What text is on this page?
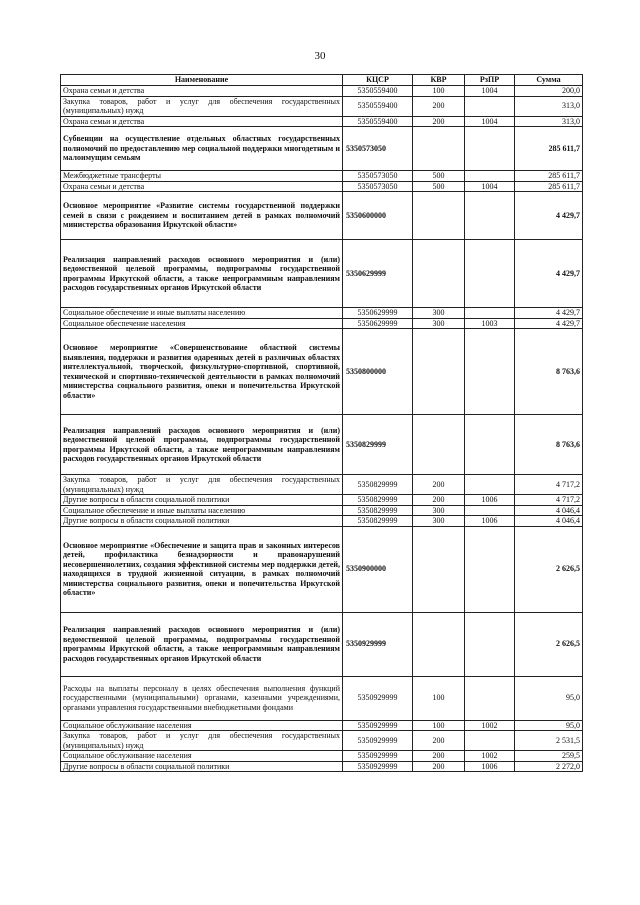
30
Наименование	КЦСР	КВР	РзПР	Сумма
Охрана семьи и детства	5350559400	100	1004	200,0
Закупка товаров, работ и услуг для обеспечения государственных (муниципальных) нужд	5350559400	200		313,0
Охрана семьи и детства	5350559400	200	1004	313,0
Субвенции на осуществление отдельных областных государственных полномочий по предоставлению мер социальной поддержки многодетным и малоимущим семьям	5350573050			285 611,7
Межбюджетные трансферты	5350573050	500		285 611,7
Охрана семьи и детства	5350573050	500	1004	285 611,7
Основное мероприятие «Развитие системы государственной поддержки семей в связи с рождением и воспитанием детей в рамках полномочий министерства образования Иркутской области»	5350600000			4 429,7
Реализация направлений расходов основного мероприятия и (или) ведомственной целевой программы, подпрограммы государственной программы Иркутской области, а также непрограммным направлениям расходов государственных органов Иркутской области	5350629999			4 429,7
Социальное обеспечение и иные выплаты населению	5350629999	300		4 429,7
Социальное обеспечение населения	5350629999	300	1003	4 429,7
Основное мероприятие «Совершенствование областной системы выявления, поддержки и развития одаренных детей в различных областях интеллектуальной, творческой, физкультурно-спортивной, спортивной, технической и спортивно-технической деятельности в рамках полномочий министерства социального развития, опеки и попечительства Иркутской области»	5350800000			8 763,6
Реализация направлений расходов основного мероприятия и (или) ведомственной целевой программы, подпрограммы государственной программы Иркутской области, а также непрограммным направлениям расходов государственных органов Иркутской области	5350829999			8 763,6
Закупка товаров, работ и услуг для обеспечения государственных (муниципальных) нужд	5350829999	200		4 717,2
Другие вопросы в области социальной политики	5350829999	200	1006	4 717,2
Социальное обеспечение и иные выплаты населению	5350829999	300		4 046,4
Другие вопросы в области социальной политики	5350829999	300	1006	4 046,4
Основное мероприятие «Обеспечение и защита прав и законных интересов детей, профилактика безнадзорности и правонарушений несовершеннолетних, создания эффективной системы мер поддержки детей, находящихся в трудной жизненной ситуации, в рамках полномочий министерства социального развития, опеки и попечительства Иркутской области»	5350900000			2 626,5
Реализация направлений расходов основного мероприятия и (или) ведомственной целевой программы, подпрограммы государственной программы Иркутской области, а также непрограммным направлениям расходов государственных органов Иркутской области	5350929999			2 626,5
Расходы на выплаты персоналу в целях обеспечения выполнения функций государственными (муниципальными) органами, казенными учреждениями, органами управления государственными внебюджетными фондами	5350929999	100		95,0
Социальное обслуживание населения	5350929999	100	1002	95,0
Закупка товаров, работ и услуг для обеспечения государственных (муниципальных) нужд	5350929999	200		2 531,5
Социальное обслуживание населения	5350929999	200	1002	259,5
Другие вопросы в области социальной политики	5350929999	200	1006	2 272,0
